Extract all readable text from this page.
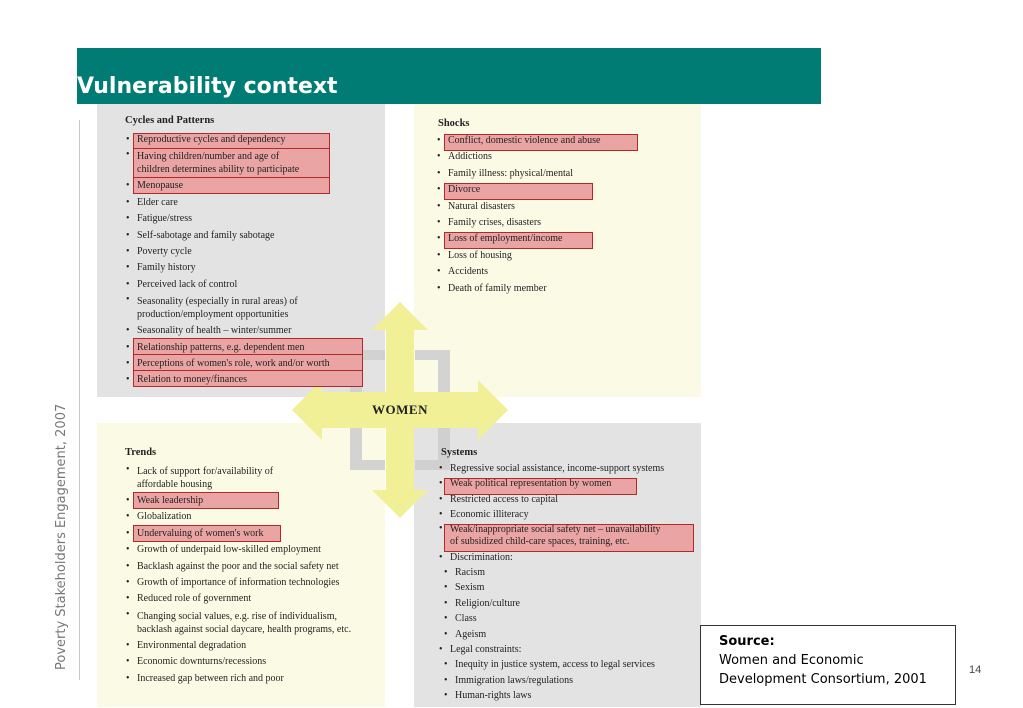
Vulnerability context
Poverty Stakeholders Engagement, 2007	WOMEN
Cycles and Patterns
• Reproductive cycles and dependency
• Having children/number and age of
children determines ability to participate
• Menopause
• Elder care
• Fatigue/stress
• Self-sabotage and family sabotage
• Poverty cycle
• Family history
• Perceived lack of control
• Seasonality (especially in rural areas) of
production/employment opportunities
• Seasonality of health – winter/summer
• Relationship patterns, e.g. dependent men
• Perceptions of women's role, work and/or worth
• Relation to money/finances
Shocks
• Conflict, domestic violence and abuse
• Addictions
• Family illness: physical/mental
• Divorce
• Natural disasters
• Family crises, disasters
• Loss of employment/income
• Loss of housing
• Accidents
• Death of family member
Trends
• Lack of support for/availability of
affordable housing
• Weak leadership
• Globalization
• Undervaluing of women's work
• Growth of underpaid low-skilled employment
• Backlash against the poor and the social safety net
• Growth of importance of information technologies
• Reduced role of government
• Changing social values, e.g. rise of individualism,
backlash against social daycare, health programs, etc.
• Environmental degradation
• Economic downturns/recessions
• Increased gap between rich and poor
Systems
• Regressive social assistance, income-support systems
• Weak political representation by women
• Restricted access to capital
• Economic illiteracy
• Weak/inappropriate social safety net – unavailability
of subsidized child-care spaces, training, etc.
• Discrimination:
• Racism
• Sexism
• Religion/culture
• Class
• Ageism
• Legal constraints:
• Inequity in justice system, access to legal services
• Immigration laws/regulations
• Human-rights laws
Source:
Women and Economic
Development Consortium, 2001
14
